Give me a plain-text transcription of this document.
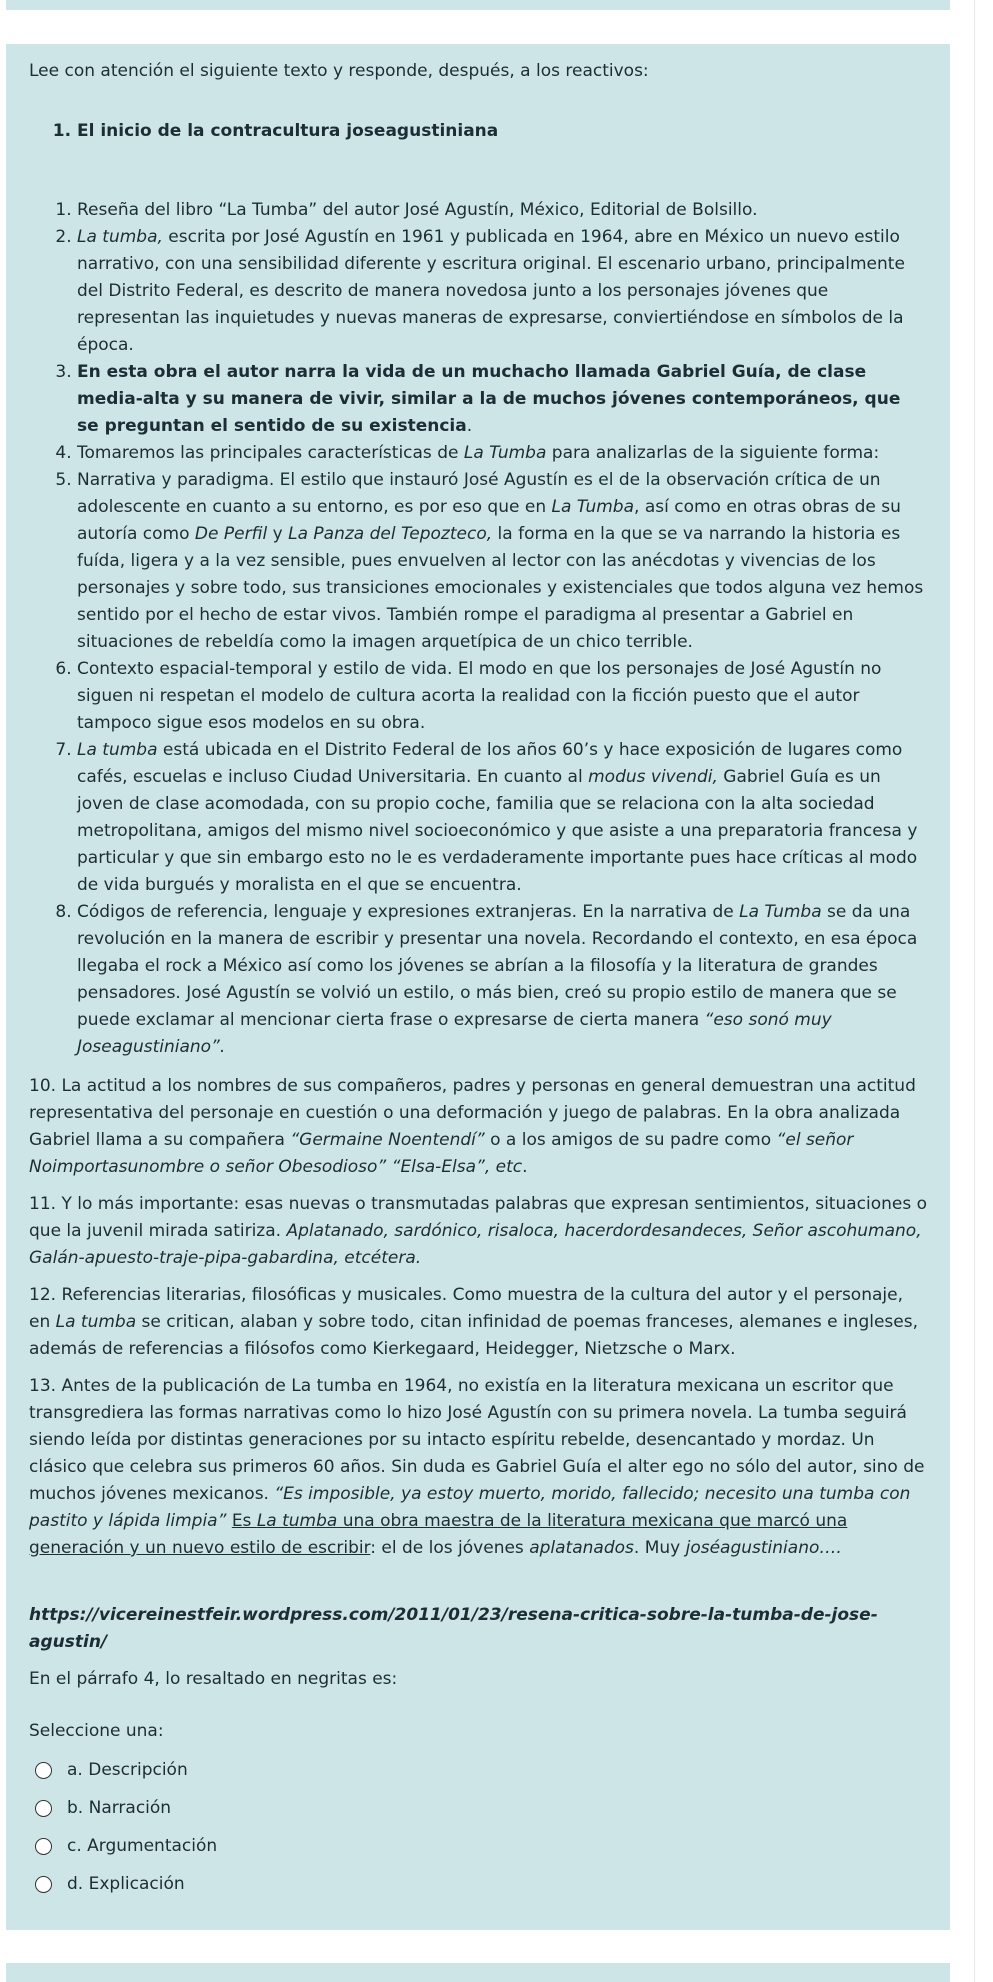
Lee con atención el siguiente texto y responde, después, a los reactivos:

1. El inicio de la contracultura joseagustiniana
1. Reseña del libro “La Tumba” del autor José Agustín, México, Editorial de Bolsillo.
2. La tumba, escrita por José Agustín en 1961 y publicada en 1964, abre en México un nuevo estilo narrativo, con una sensibilidad diferente y escritura original. El escenario urbano, principalmente del Distrito Federal, es descrito de manera novedosa junto a los personajes jóvenes que representan las inquietudes y nuevas maneras de expresarse, conviertiéndose en símbolos de la época.
3. En esta obra el autor narra la vida de un muchacho llamada Gabriel Guía, de clase media-alta y su manera de vivir, similar a la de muchos jóvenes contemporáneos, que se preguntan el sentido de su existencia.
4. Tomaremos las principales características de La Tumba para analizarlas de la siguiente forma:
5. Narrativa y paradigma. El estilo que instauró José Agustín es el de la observación crítica de un adolescente en cuanto a su entorno, es por eso que en La Tumba, así como en otras obras de su autoría como De Perfil y La Panza del Tepozteco, la forma en la que se va narrando la historia es fuída, ligera y a la vez sensible, pues envuelven al lector con las anécdotas y vivencias de los personajes y sobre todo, sus transiciones emocionales y existenciales que todos alguna vez hemos sentido por el hecho de estar vivos. También rompe el paradigma al presentar a Gabriel en situaciones de rebeldía como la imagen arquetípica de un chico terrible.
6. Contexto espacial-temporal y estilo de vida. El modo en que los personajes de José Agustín no siguen ni respetan el modelo de cultura acorta la realidad con la ficción puesto que el autor tampoco sigue esos modelos en su obra.
7. La tumba está ubicada en el Distrito Federal de los años 60’s y hace exposición de lugares como cafés, escuelas e incluso Ciudad Universitaria. En cuanto al modus vivendi, Gabriel Guía es un joven de clase acomodada, con su propio coche, familia que se relaciona con la alta sociedad metropolitana, amigos del mismo nivel socioeconómico y que asiste a una preparatoria francesa y particular y que sin embargo esto no le es verdaderamente importante pues hace críticas al modo de vida burgués y moralista en el que se encuentra.
8. Códigos de referencia, lenguaje y expresiones extranjeras. En la narrativa de La Tumba se da una revolución en la manera de escribir y presentar una novela. Recordando el contexto, en esa época llegaba el rock a México así como los jóvenes se abrían a la filosofía y la literatura de grandes pensadores. José Agustín se volvió un estilo, o más bien, creó su propio estilo de manera que se puede exclamar al mencionar cierta frase o expresarse de cierta manera “eso sonó muy Joseagustiniano”.

10. La actitud a los nombres de sus compañeros, padres y personas en general demuestran una actitud representativa del personaje en cuestión o una deformación y juego de palabras. En la obra analizada Gabriel llama a su compañera “Germaine Noentendí” o a los amigos de su padre como “el señor Noimportasunombre o señor Obesodioso” “Elsa-Elsa”, etc.

11. Y lo más importante: esas nuevas o transmutadas palabras que expresan sentimientos, situaciones o que la juvenil mirada satiriza. Aplatanado, sardónico, risaloca, hacerdordesandeces, Señor ascohumano, Galán-apuesto-traje-pipa-gabardina, etcétera.

12. Referencias literarias, filosóficas y musicales. Como muestra de la cultura del autor y el personaje, en La tumba se critican, alaban y sobre todo, citan infinidad de poemas franceses, alemanes e ingleses, además de referencias a filósofos como Kierkegaard, Heidegger, Nietzsche o Marx.

13. Antes de la publicación de La tumba en 1964, no existía en la literatura mexicana un escritor que transgrediera las formas narrativas como lo hizo José Agustín con su primera novela. La tumba seguirá siendo leída por distintas generaciones por su intacto espíritu rebelde, desencantado y mordaz. Un clásico que celebra sus primeros 60 años. Sin duda es Gabriel Guía el alter ego no sólo del autor, sino de muchos jóvenes mexicanos. “Es imposible, ya estoy muerto, morido, fallecido; necesito una tumba con pastito y lápida limpia” Es La tumba una obra maestra de la literatura mexicana que marcó una generación y un nuevo estilo de escribir: el de los jóvenes aplatanados. Muy joséagustiniano….

https://vicereinestfeir.wordpress.com/2011/01/23/resena-critica-sobre-la-tumba-de-jose-agustin/

En el párrafo 4, lo resaltado en negritas es:

Seleccione una:

a. Descripción
b. Narración
c. Argumentación
d. Explicación
